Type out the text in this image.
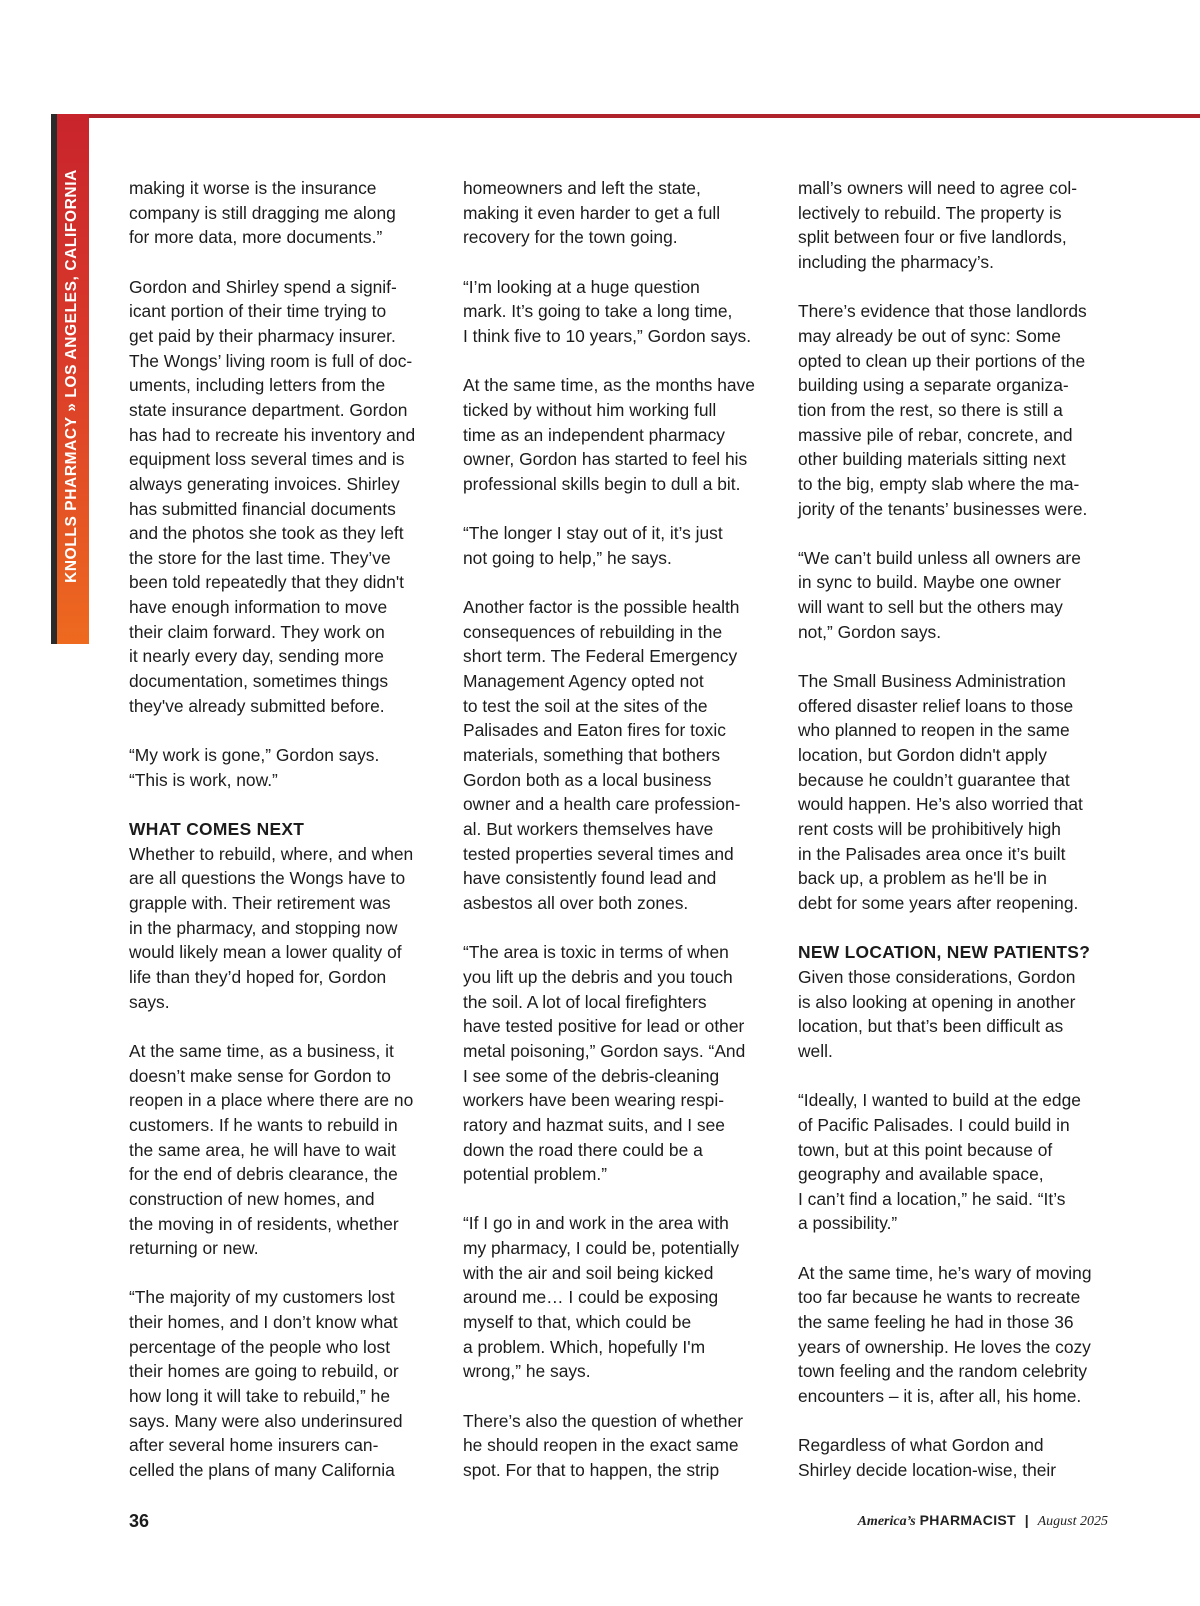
KNOLLS PHARMACY » LOS ANGELES, CALIFORNIA	making it worse is the insurance
company is still dragging me along
for more data, more documents.”

Gordon and Shirley spend a signif-
icant portion of their time trying to
get paid by their pharmacy insurer.
The Wongs’ living room is full of doc-
uments, including letters from the
state insurance department. Gordon
has had to recreate his inventory and
equipment loss several times and is
always generating invoices. Shirley
has submitted financial documents
and the photos she took as they left
the store for the last time. They’ve
been told repeatedly that they didn't
have enough information to move
their claim forward. They work on
it nearly every day, sending more
documentation, sometimes things
they've already submitted before.

“My work is gone,” Gordon says.
“This is work, now.”

WHAT COMES NEXT

Whether to rebuild, where, and when
are all questions the Wongs have to
grapple with. Their retirement was
in the pharmacy, and stopping now
would likely mean a lower quality of
life than they’d hoped for, Gordon
says.

At the same time, as a business, it
doesn’t make sense for Gordon to
reopen in a place where there are no
customers. If he wants to rebuild in
the same area, he will have to wait
for the end of debris clearance, the
construction of new homes, and
the moving in of residents, whether
returning or new.

“The majority of my customers lost
their homes, and I don’t know what
percentage of the people who lost
their homes are going to rebuild, or
how long it will take to rebuild,” he
says. Many were also underinsured
after several home insurers can-
celled the plans of many California

homeowners and left the state,
making it even harder to get a full
recovery for the town going.

“I’m looking at a huge question
mark. It’s going to take a long time,
I think five to 10 years,” Gordon says.

At the same time, as the months have
ticked by without him working full
time as an independent pharmacy
owner, Gordon has started to feel his
professional skills begin to dull a bit.

“The longer I stay out of it, it’s just
not going to help,” he says.

Another factor is the possible health
consequences of rebuilding in the
short term. The Federal Emergency
Management Agency opted not
to test the soil at the sites of the
Palisades and Eaton fires for toxic
materials, something that bothers
Gordon both as a local business
owner and a health care profession-
al. But workers themselves have
tested properties several times and
have consistently found lead and
asbestos all over both zones.

“The area is toxic in terms of when
you lift up the debris and you touch
the soil. A lot of local firefighters
have tested positive for lead or other
metal poisoning,” Gordon says. “And
I see some of the debris-cleaning
workers have been wearing respi-
ratory and hazmat suits, and I see
down the road there could be a
potential problem.”

“If I go in and work in the area with
my pharmacy, I could be, potentially
with the air and soil being kicked
around me… I could be exposing
myself to that, which could be
a problem. Which, hopefully I'm
wrong,” he says.

There’s also the question of whether
he should reopen in the exact same
spot. For that to happen, the strip

mall’s owners will need to agree col-
lectively to rebuild. The property is
split between four or five landlords,
including the pharmacy’s.

There’s evidence that those landlords
may already be out of sync: Some
opted to clean up their portions of the
building using a separate organiza-
tion from the rest, so there is still a
massive pile of rebar, concrete, and
other building materials sitting next
to the big, empty slab where the ma-
jority of the tenants’ businesses were.

“We can’t build unless all owners are
in sync to build. Maybe one owner
will want to sell but the others may
not,” Gordon says.

The Small Business Administration
offered disaster relief loans to those
who planned to reopen in the same
location, but Gordon didn't apply
because he couldn’t guarantee that
would happen. He’s also worried that
rent costs will be prohibitively high
in the Palisades area once it’s built
back up, a problem as he'll be in
debt for some years after reopening.

NEW LOCATION, NEW PATIENTS?

Given those considerations, Gordon
is also looking at opening in another
location, but that’s been difficult as
well.

“Ideally, I wanted to build at the edge
of Pacific Palisades. I could build in
town, but at this point because of
geography and available space,
I can’t find a location,” he said. “It’s
a possibility.”

At the same time, he’s wary of moving
too far because he wants to recreate
the same feeling he had in those 36
years of ownership. He loves the cozy
town feeling and the random celebrity
encounters – it is, after all, his home.

Regardless of what Gordon and
Shirley decide location-wise, their

36	America’s PHARMACIST | August 2025
